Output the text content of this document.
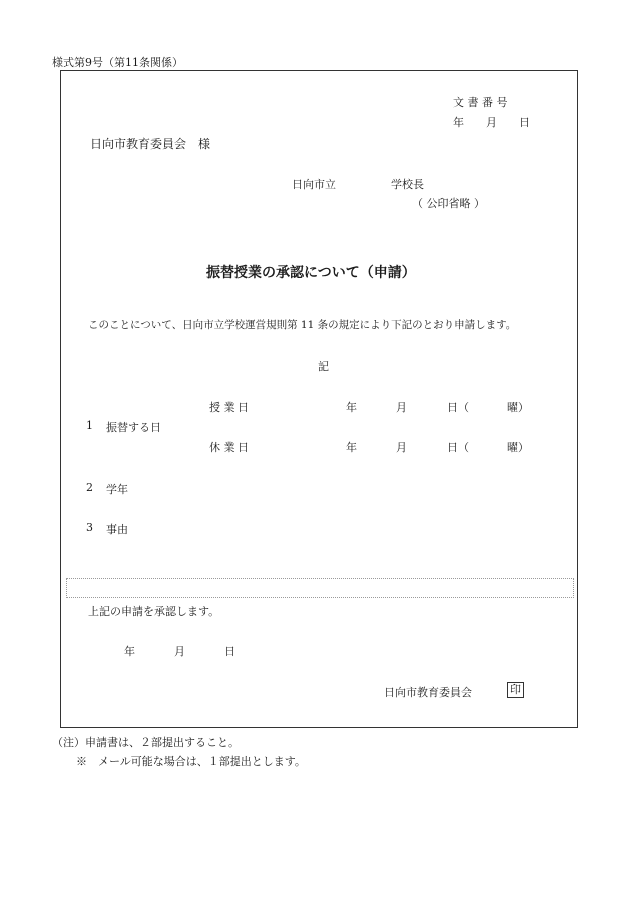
様式第9号（第11条関係）
文 書 番 号
年　　月　　日
日向市教育委員会　様
日向市立　　　　　学校長
（ 公印省略 ）
振替授業の承認について（申請）
このことについて、日向市立学校運営規則第 11 条の規定により下記のとおり申請します。
記
授 業 日	年	月	日（	曜）
1 振替する日
休 業 日	年	月	日（	曜）
2 学年
3 事由
上記の申請を承認します。
年	月	日
日向市教育委員会	印
（注）申請書は、２部提出すること。
※　メール可能な場合は、１部提出とします。
